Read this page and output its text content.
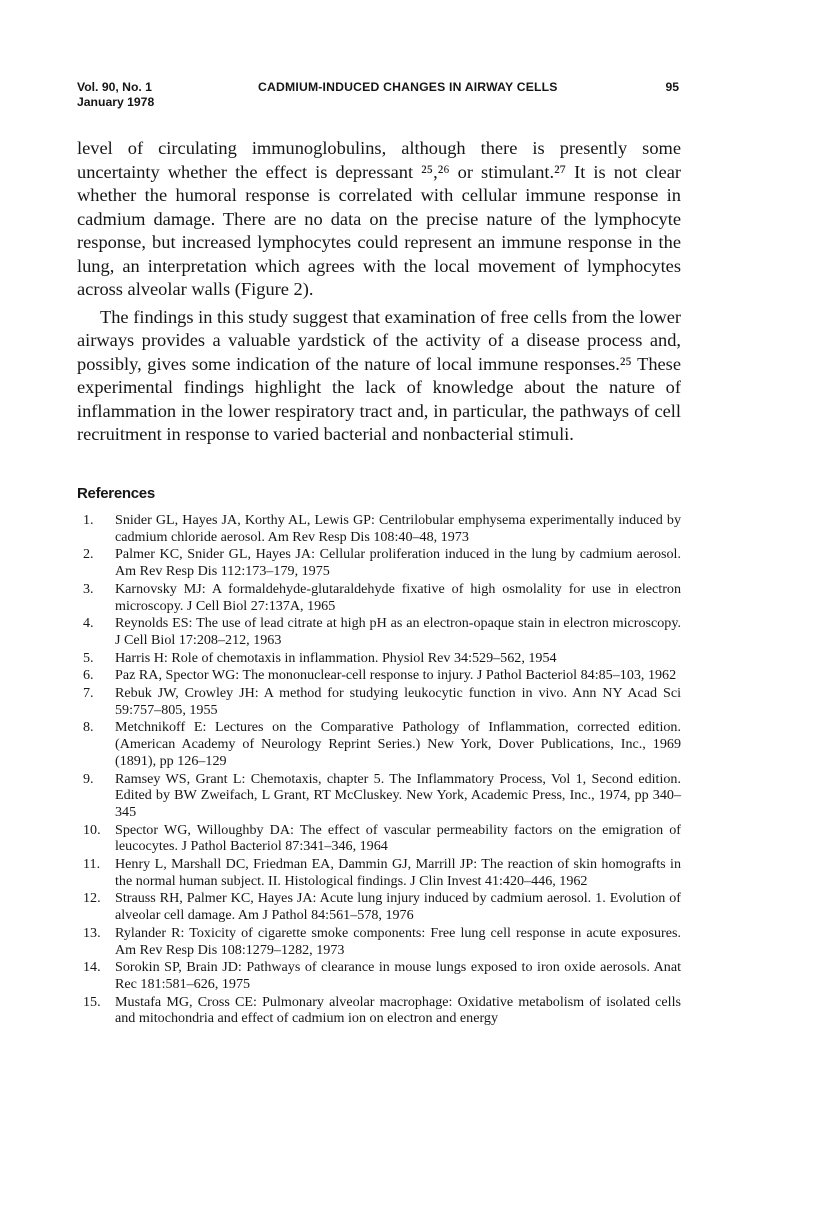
Vol. 90, No. 1
January 1978
CADMIUM-INDUCED CHANGES IN AIRWAY CELLS	95

level of circulating immunoglobulins, although there is presently some uncertainty whether the effect is depressant ²⁵,²⁶ or stimulant.²⁷ It is not clear whether the humoral response is correlated with cellular immune response in cadmium damage. There are no data on the precise nature of the lymphocyte response, but increased lymphocytes could represent an immune response in the lung, an interpretation which agrees with the local movement of lymphocytes across alveolar walls (Figure 2).

The findings in this study suggest that examination of free cells from the lower airways provides a valuable yardstick of the activity of a disease process and, possibly, gives some indication of the nature of local immune responses.²⁵ These experimental findings highlight the lack of knowledge about the nature of inflammation in the lower respiratory tract and, in particular, the pathways of cell recruitment in response to varied bacterial and nonbacterial stimuli.

References
1.	Snider GL, Hayes JA, Korthy AL, Lewis GP: Centrilobular emphysema experimentally induced by cadmium chloride aerosol. Am Rev Resp Dis 108:40–48, 1973
2.	Palmer KC, Snider GL, Hayes JA: Cellular proliferation induced in the lung by cadmium aerosol. Am Rev Resp Dis 112:173–179, 1975
3.	Karnovsky MJ: A formaldehyde-glutaraldehyde fixative of high osmolality for use in electron microscopy. J Cell Biol 27:137A, 1965
4.	Reynolds ES: The use of lead citrate at high pH as an electron-opaque stain in electron microscopy. J Cell Biol 17:208–212, 1963
5.	Harris H: Role of chemotaxis in inflammation. Physiol Rev 34:529–562, 1954
6.	Paz RA, Spector WG: The mononuclear-cell response to injury. J Pathol Bacteriol 84:85–103, 1962
7.	Rebuk JW, Crowley JH: A method for studying leukocytic function in vivo. Ann NY Acad Sci 59:757–805, 1955
8.	Metchnikoff E: Lectures on the Comparative Pathology of Inflammation, corrected edition. (American Academy of Neurology Reprint Series.) New York, Dover Publications, Inc., 1969 (1891), pp 126–129
9.	Ramsey WS, Grant L: Chemotaxis, chapter 5. The Inflammatory Process, Vol 1, Second edition. Edited by BW Zweifach, L Grant, RT McCluskey. New York, Academic Press, Inc., 1974, pp 340–345
10.	Spector WG, Willoughby DA: The effect of vascular permeability factors on the emigration of leucocytes. J Pathol Bacteriol 87:341–346, 1964
11.	Henry L, Marshall DC, Friedman EA, Dammin GJ, Marrill JP: The reaction of skin homografts in the normal human subject. II. Histological findings. J Clin Invest 41:420–446, 1962
12.	Strauss RH, Palmer KC, Hayes JA: Acute lung injury induced by cadmium aerosol. 1. Evolution of alveolar cell damage. Am J Pathol 84:561–578, 1976
13.	Rylander R: Toxicity of cigarette smoke components: Free lung cell response in acute exposures. Am Rev Resp Dis 108:1279–1282, 1973
14.	Sorokin SP, Brain JD: Pathways of clearance in mouse lungs exposed to iron oxide aerosols. Anat Rec 181:581–626, 1975
15.	Mustafa MG, Cross CE: Pulmonary alveolar macrophage: Oxidative metabolism of isolated cells and mitochondria and effect of cadmium ion on electron and energy
